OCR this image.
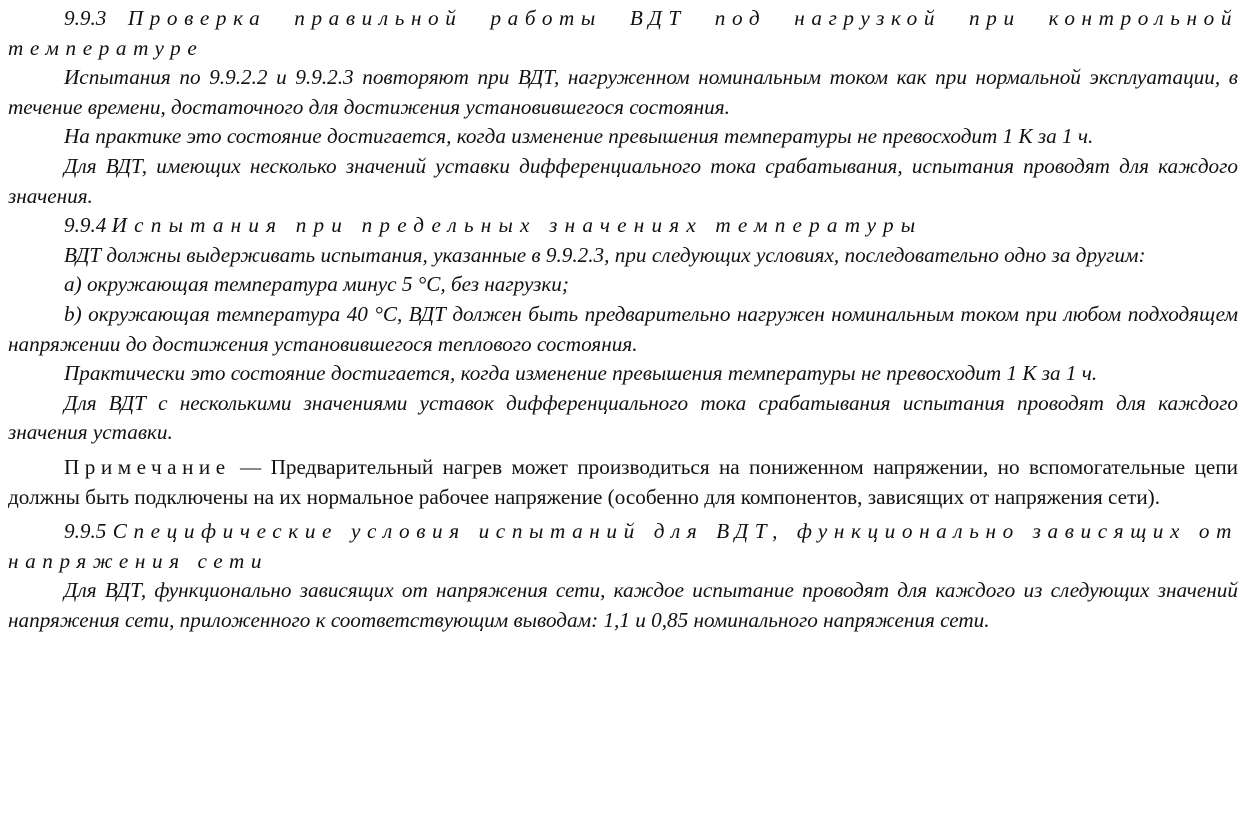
9.9.3 Проверка правильной работы ВДТ под нагрузкой при контрольной температуре

Испытания по 9.9.2.2 и 9.9.2.3 повторяют при ВДТ, нагруженном номинальным током как при нормальной эксплуатации, в течение времени, достаточного для достижения установившегося состояния.

На практике это состояние достигается, когда изменение превышения температуры не превосходит 1 К за 1 ч.

Для ВДТ, имеющих несколько значений уставки дифференциального тока срабатывания, испытания проводят для каждого значения.

9.9.4 Испытания при предельных значениях температуры

ВДТ должны выдерживать испытания, указанные в 9.9.2.3, при следующих условиях, последовательно одно за другим:

a) окружающая температура минус 5 °С, без нагрузки;

b) окружающая температура 40 °С, ВДТ должен быть предварительно нагружен номинальным током при любом подходящем напряжении до достижения установившегося теплового состояния.

Практически это состояние достигается, когда изменение превышения температуры не превосходит 1 К за 1 ч.

Для ВДТ с несколькими значениями уставок дифференциального тока срабатывания испытания проводят для каждого значения уставки.

Примечание — Предварительный нагрев может производиться на пониженном напряжении, но вспомогательные цепи должны быть подключены на их нормальное рабочее напряжение (особенно для компонентов, зависящих от напряжения сети).

9.9.5 Специфические условия испытаний для ВДТ, функционально зависящих от напряжения сети

Для ВДТ, функционально зависящих от напряжения сети, каждое испытание проводят для каждого из следующих значений напряжения сети, приложенного к соответствующим выводам: 1,1 и 0,85 номинального напряжения сети.
